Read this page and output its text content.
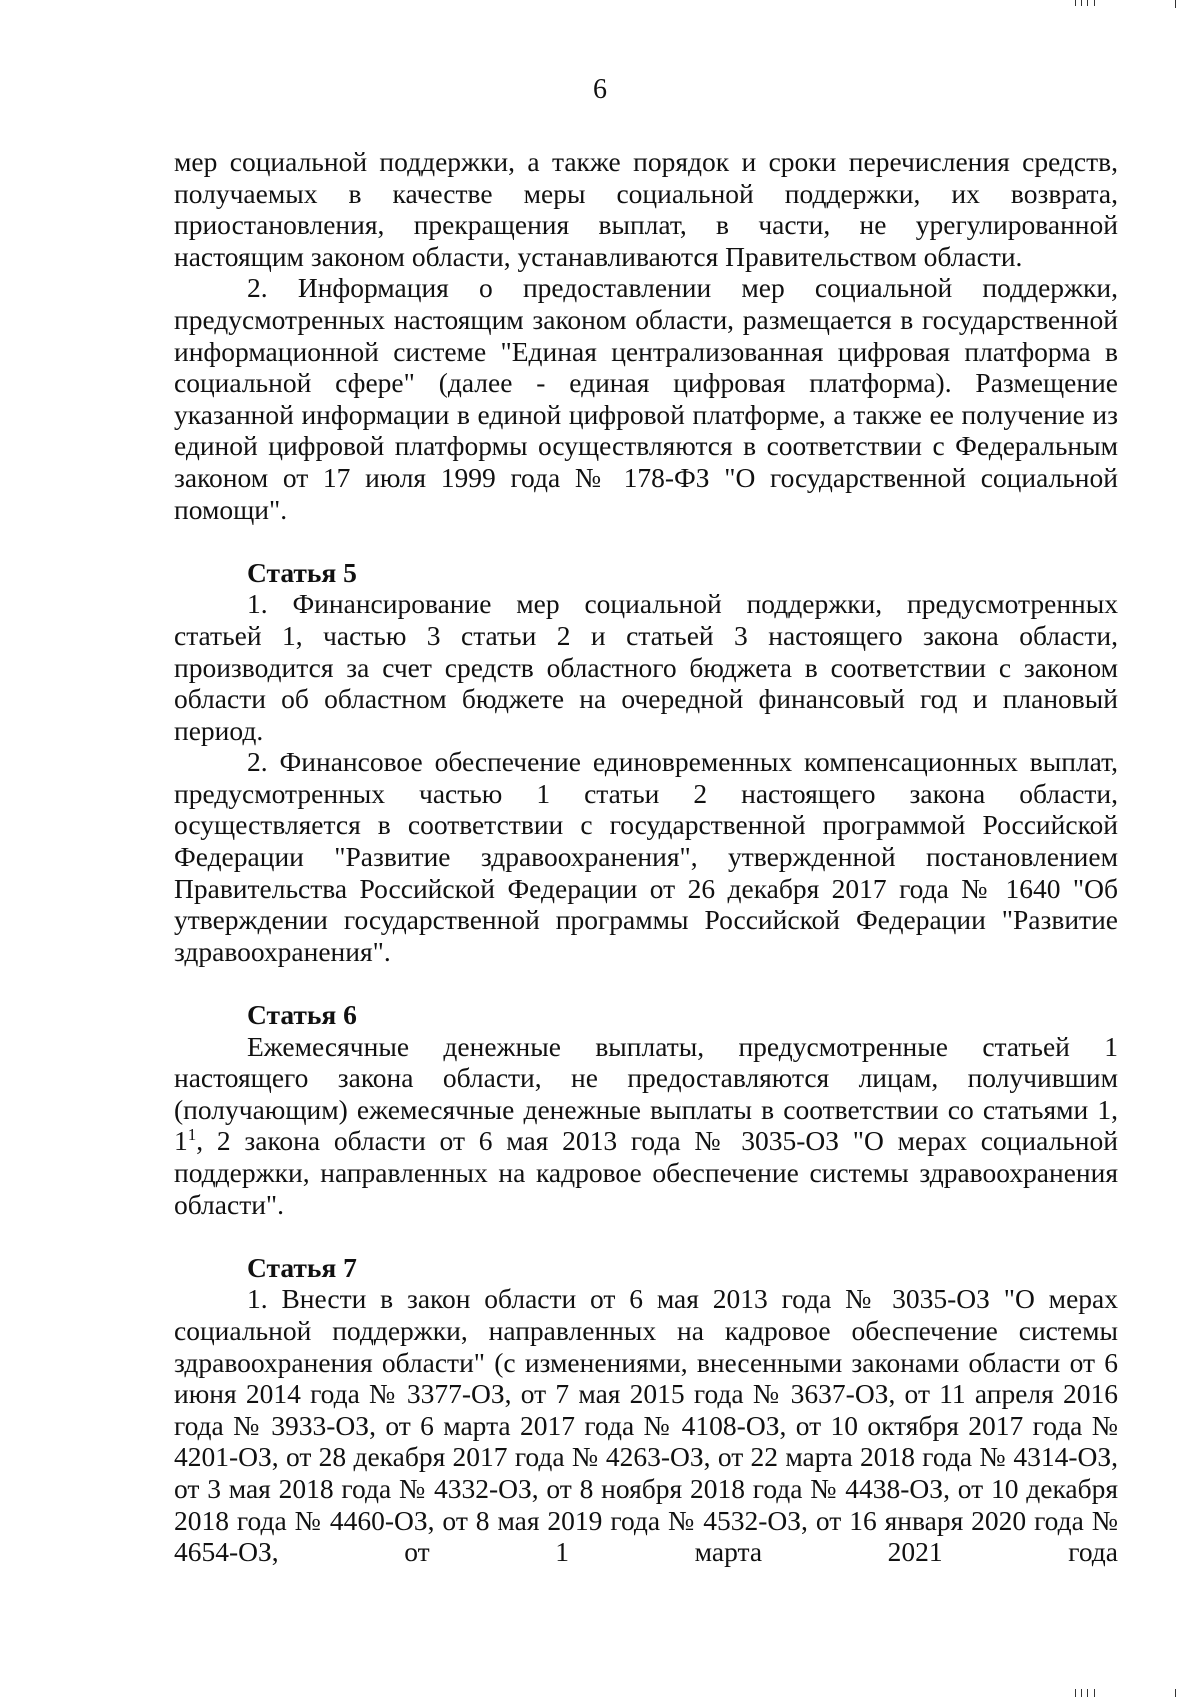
6

мер социальной поддержки, а также порядок и сроки перечисления средств, получаемых в качестве меры социальной поддержки, их возврата, приостановления, прекращения выплат, в части, не урегулированной настоящим законом области, устанавливаются Правительством области.

2. Информация о предоставлении мер социальной поддержки, предусмотренных настоящим законом области, размещается в государственной информационной системе "Единая централизованная цифровая платформа в социальной сфере" (далее - единая цифровая платформа). Размещение указанной информации в единой цифровой платформе, а также ее получение из единой цифровой платформы осуществляются в соответствии с Федеральным законом от 17 июля 1999 года № 178-ФЗ "О государственной социальной помощи".

Статья 5

1. Финансирование мер социальной поддержки, предусмотренных статьей 1, частью 3 статьи 2 и статьей 3 настоящего закона области, производится за счет средств областного бюджета в соответствии с законом области об областном бюджете на очередной финансовый год и плановый период.

2. Финансовое обеспечение единовременных компенсационных выплат, предусмотренных частью 1 статьи 2 настоящего закона области, осуществляется в соответствии с государственной программой Российской Федерации "Развитие здравоохранения", утвержденной постановлением Правительства Российской Федерации от 26 декабря 2017 года № 1640 "Об утверждении государственной программы Российской Федерации "Развитие здравоохранения".

Статья 6

Ежемесячные денежные выплаты, предусмотренные статьей 1 настоящего закона области, не предоставляются лицам, получившим (получающим) ежемесячные денежные выплаты в соответствии со статьями 1, $1^1$, 2 закона области от 6 мая 2013 года № 3035-ОЗ "О мерах социальной поддержки, направленных на кадровое обеспечение системы здравоохранения области".

Статья 7

1. Внести в закон области от 6 мая 2013 года № 3035-ОЗ "О мерах социальной поддержки, направленных на кадровое обеспечение системы здравоохранения области" (с изменениями, внесенными законами области от 6 июня 2014 года № 3377-ОЗ, от 7 мая 2015 года № 3637-ОЗ, от 11 апреля 2016 года № 3933-ОЗ, от 6 марта 2017 года № 4108-ОЗ, от 10 октября 2017 года № 4201-ОЗ, от 28 декабря 2017 года № 4263-ОЗ, от 22 марта 2018 года № 4314-ОЗ, от 3 мая 2018 года № 4332-ОЗ, от 8 ноября 2018 года № 4438-ОЗ, от 10 декабря 2018 года № 4460-ОЗ, от 8 мая 2019 года № 4532-ОЗ, от 16 января 2020 года № 4654-ОЗ, от 1 марта 2021 года
